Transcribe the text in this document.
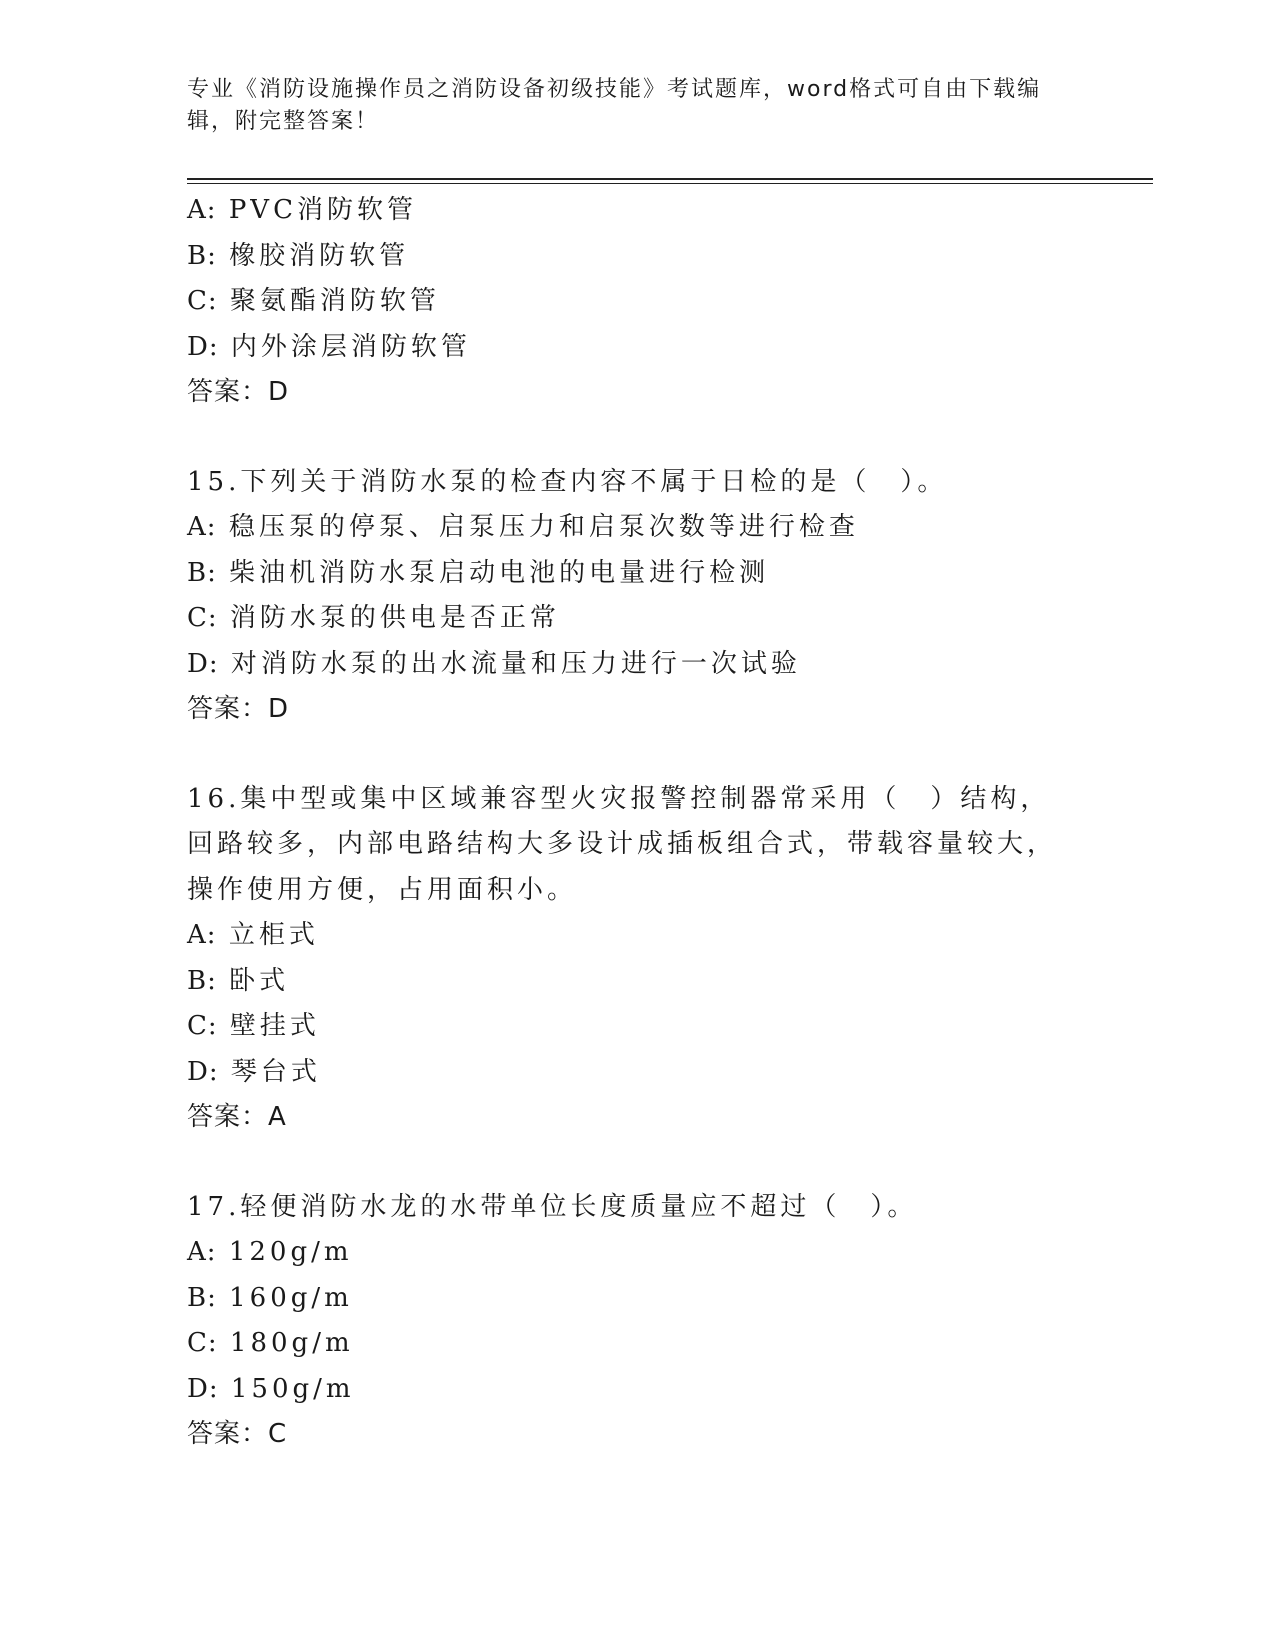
专业《消防设施操作员之消防设备初级技能》考试题库，word格式可自由下载编辑，附完整答案！
A: PVC消防软管
B: 橡胶消防软管
C: 聚氨酯消防软管
D: 内外涂层消防软管
答案：D
15.下列关于消防水泵的检查内容不属于日检的是（　）。
A: 稳压泵的停泵、启泵压力和启泵次数等进行检查
B: 柴油机消防水泵启动电池的电量进行检测
C: 消防水泵的供电是否正常
D: 对消防水泵的出水流量和压力进行一次试验
答案：D
16.集中型或集中区域兼容型火灾报警控制器常采用（　）结构，回路较多，内部电路结构大多设计成插板组合式，带载容量较大，操作使用方便，占用面积小。
A: 立柜式
B: 卧式
C: 壁挂式
D: 琴台式
答案：A
17.轻便消防水龙的水带单位长度质量应不超过（　）。
A: 120g/m
B: 160g/m
C: 180g/m
D: 150g/m
答案：C
